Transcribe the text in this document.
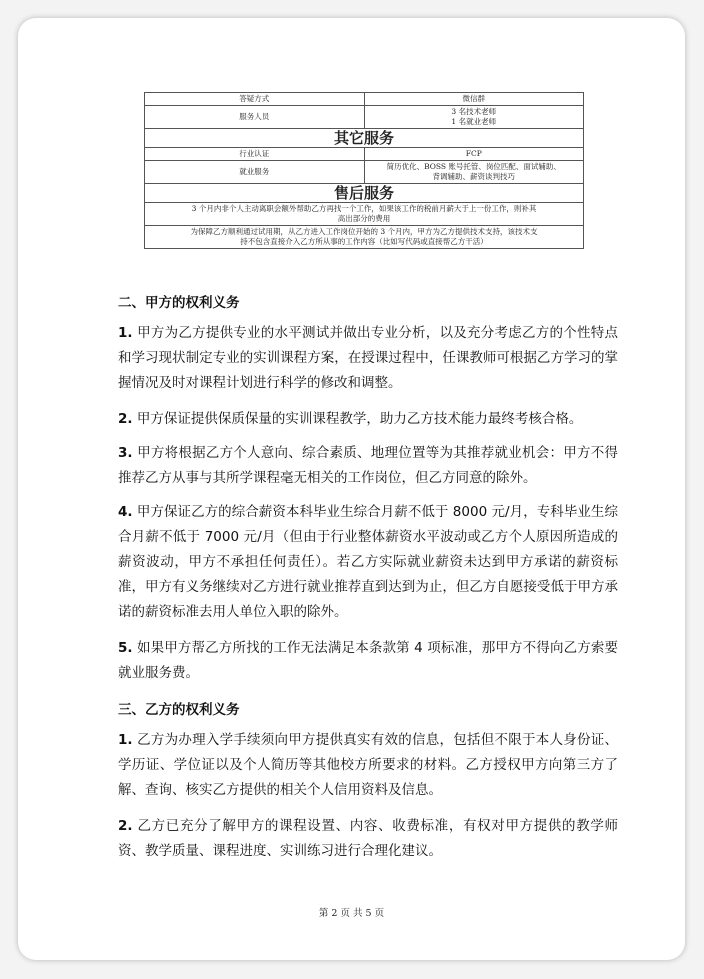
答疑方式	微信群
服务人员	3 名技术老师
1 名就业老师

其它服务	
行业认证	FCP
就业服务	简历优化、BOSS 账号托管、岗位匹配、面试辅助、
背调辅助、薪资谈判技巧

售后服务	

3 个月内非个人主动离职会额外帮助乙方再找一个工作，如果该工作的税前月薪大于上一份工作，则补其
高出部分的费用	

为保障乙方顺利通过试用期，从乙方进入工作岗位开始的 3 个月内，甲方为乙方提供技术支持，该技术支
持不包含直接介入乙方所从事的工作内容（比如写代码或直接帮乙方干活）	
二、甲方的权利义务
1. 甲方为乙方提供专业的水平测试并做出专业分析，以及充分考虑乙方的个性特点和学习现状制定专业的实训课程方案，在授课过程中，任课教师可根据乙方学习的掌握情况及时对课程计划进行科学的修改和调整。
2. 甲方保证提供保质保量的实训课程教学，助力乙方技术能力最终考核合格。
3. 甲方将根据乙方个人意向、综合素质、地理位置等为其推荐就业机会：甲方不得推荐乙方从事与其所学课程毫无相关的工作岗位，但乙方同意的除外。
4. 甲方保证乙方的综合薪资本科毕业生综合月薪不低于 8000 元/月，专科毕业生综合月薪不低于 7000 元/月（但由于行业整体薪资水平波动或乙方个人原因所造成的薪资波动，甲方不承担任何责任）。若乙方实际就业薪资未达到甲方承诺的薪资标准，甲方有义务继续对乙方进行就业推荐直到达到为止，但乙方自愿接受低于甲方承诺的薪资标准去用人单位入职的除外。
5. 如果甲方帮乙方所找的工作无法满足本条款第 4 项标准，那甲方不得向乙方索要就业服务费。
三、乙方的权利义务
1. 乙方为办理入学手续须向甲方提供真实有效的信息，包括但不限于本人身份证、学历证、学位证以及个人简历等其他校方所要求的材料。乙方授权甲方向第三方了解、查询、核实乙方提供的相关个人信用资料及信息。
2. 乙方已充分了解甲方的课程设置、内容、收费标准，有权对甲方提供的教学师资、教学质量、课程进度、实训练习进行合理化建议。
第 2 页 共 5 页
